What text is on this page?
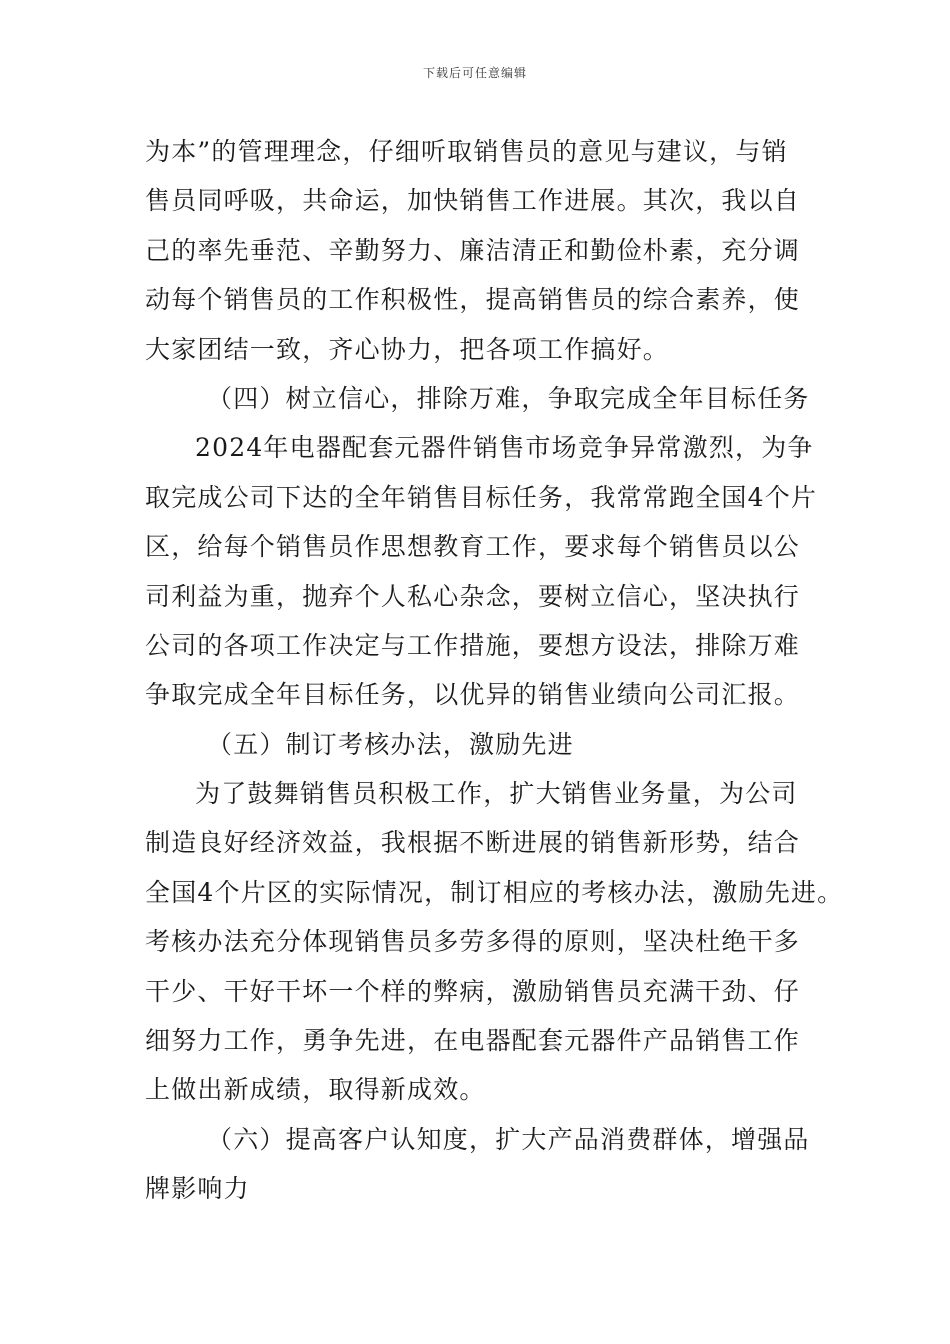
下载后可任意编辑
为本”的管理理念，仔细听取销售员的意见与建议，与销
售员同呼吸，共命运，加快销售工作进展。其次，我以自
己的率先垂范、辛勤努力、廉洁清正和勤俭朴素，充分调
动每个销售员的工作积极性，提高销售员的综合素养，使
大家团结一致，齐心协力，把各项工作搞好。
（四）树立信心，排除万难，争取完成全年目标任务
2024年电器配套元器件销售市场竞争异常激烈，为争
取完成公司下达的全年销售目标任务，我常常跑全国4个片
区，给每个销售员作思想教育工作，要求每个销售员以公
司利益为重，抛弃个人私心杂念，要树立信心，坚决执行
公司的各项工作决定与工作措施，要想方设法，排除万难
争取完成全年目标任务，以优异的销售业绩向公司汇报。
（五）制订考核办法，激励先进
为了鼓舞销售员积极工作，扩大销售业务量，为公司
制造良好经济效益，我根据不断进展的销售新形势，结合
全国4个片区的实际情况，制订相应的考核办法，激励先进。
考核办法充分体现销售员多劳多得的原则，坚决杜绝干多
干少、干好干坏一个样的弊病，激励销售员充满干劲、仔
细努力工作，勇争先进，在电器配套元器件产品销售工作
上做出新成绩，取得新成效。
（六）提高客户认知度，扩大产品消费群体，增强品
牌影响力
